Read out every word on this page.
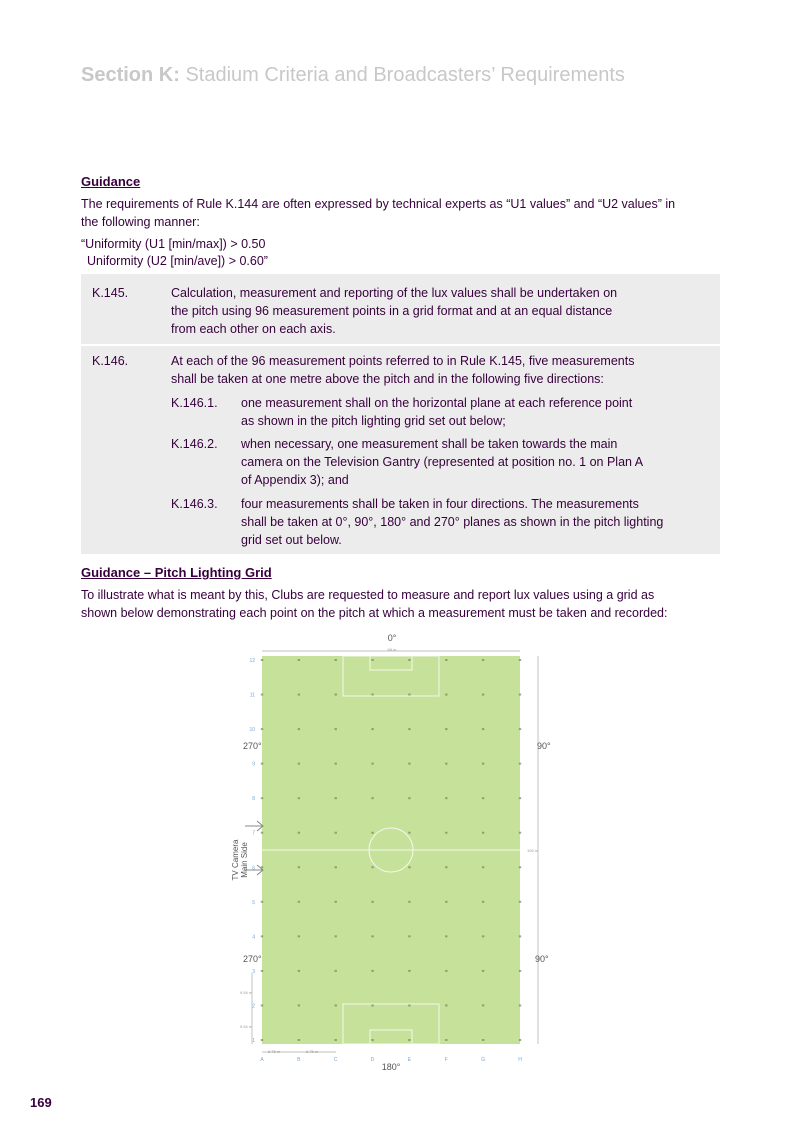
Section K: Stadium Criteria and Broadcasters’ Requirements
Guidance
The requirements of Rule K.144 are often expressed by technical experts as “U1 values” and “U2 values” in
the following manner:
“Uniformity (U1 [min/max]) > 0.50
Uniformity (U2 [min/ave]) > 0.60”
K.145.	Calculation, measurement and reporting of the lux values shall be undertaken on
the pitch using 96 measurement points in a grid format and at an equal distance
from each other on each axis.
K.146.	At each of the 96 measurement points referred to in Rule K.145, five measurements
shall be taken at one metre above the pitch and in the following five directions:
K.146.1. one measurement shall on the horizontal plane at each reference point
as shown in the pitch lighting grid set out below;
K.146.2. when necessary, one measurement shall be taken towards the main
camera on the Television Gantry (represented at position no. 1 on Plan A
of Appendix 3); and
K.146.3. four measurements shall be taken in four directions. The measurements
shall be taken at 0°, 90°, 180° and 270° planes as shown in the pitch lighting
grid set out below.
Guidance – Pitch Lighting Grid
To illustrate what is meant by this, Clubs are requested to measure and report lux values using a grid as
shown below demonstrating each point on the pitch at which a measurement must be taken and recorded:
A	B	C	D	E	F	G	H
12
11
10
9
8
7
6
5
4
3
2
1
0°
68 m
180°
270°
270°
90°
90°
105 m
8.75 m	8.75 m
9.54 m
9.54 m
TV Camera Main Side
169
